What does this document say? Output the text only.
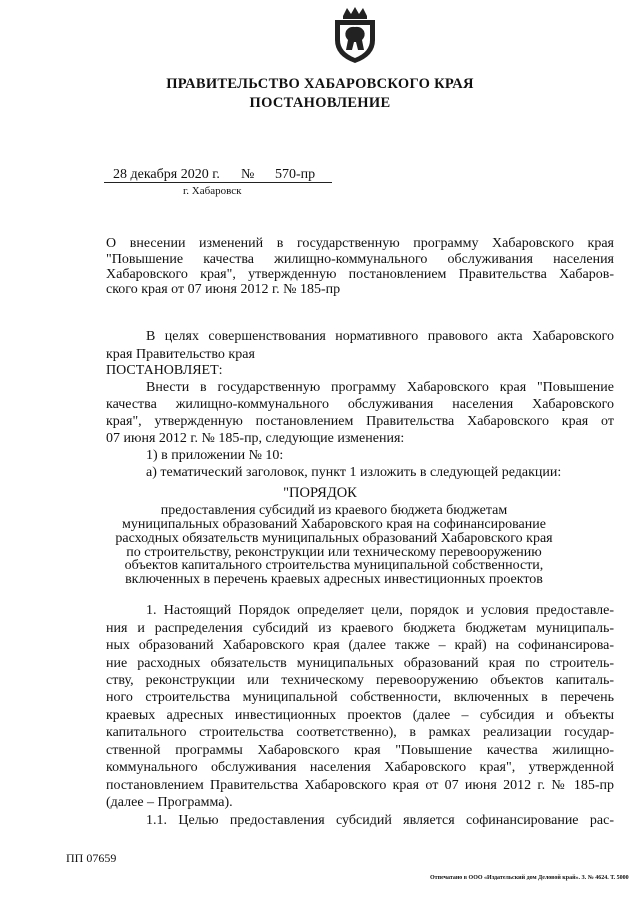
ПРАВИТЕЛЬСТВО ХАБАРОВСКОГО КРАЯ
ПОСТАНОВЛЕНИЕ
28 декабря 2020 г. № 570-пр
г. Хабаровск
О внесении изменений в государственную программу Хабаровского края
"Повышение качества жилищно-коммунального обслуживания населения
Хабаровского края", утвержденную постановлением Правительства Хабаров-
ского края от 07 июня 2012 г. № 185-пр
В целях совершенствования нормативного правового акта Хабаровского
края Правительство края
ПОСТАНОВЛЯЕТ:
Внести в государственную программу Хабаровского края "Повышение
качества жилищно-коммунального обслуживания населения Хабаровского
края", утвержденную постановлением Правительства Хабаровского края от
07 июня 2012 г. № 185-пр, следующие изменения:
1) в приложении № 10:
а) тематический заголовок, пункт 1 изложить в следующей редакции:
"ПОРЯДОК
предоставления субсидий из краевого бюджета бюджетам
муниципальных образований Хабаровского края на софинансирование
расходных обязательств муниципальных образований Хабаровского края
по строительству, реконструкции или техническому перевооружению
объектов капитального строительства муниципальной собственности,
включенных в перечень краевых адресных инвестиционных проектов
1. Настоящий Порядок определяет цели, порядок и условия предоставле-
ния и распределения субсидий из краевого бюджета бюджетам муниципаль-
ных образований Хабаровского края (далее также – край) на софинансирова-
ние расходных обязательств муниципальных образований края по строитель-
ству, реконструкции или техническому перевооружению объектов капиталь-
ного строительства муниципальной собственности, включенных в перечень
краевых адресных инвестиционных проектов (далее – субсидия и объекты
капитального строительства соответственно), в рамках реализации государ-
ственной программы Хабаровского края "Повышение качества жилищно-
коммунального обслуживания населения Хабаровского края", утвержденной
постановлением Правительства Хабаровского края от 07 июня 2012 г. № 185-пр
(далее – Программа).
1.1. Целью предоставления субсидий является софинансирование рас-
ПП 07659
Отпечатано в ООО «Издательский дом Деловой край». З. № 4624. Т. 5000
